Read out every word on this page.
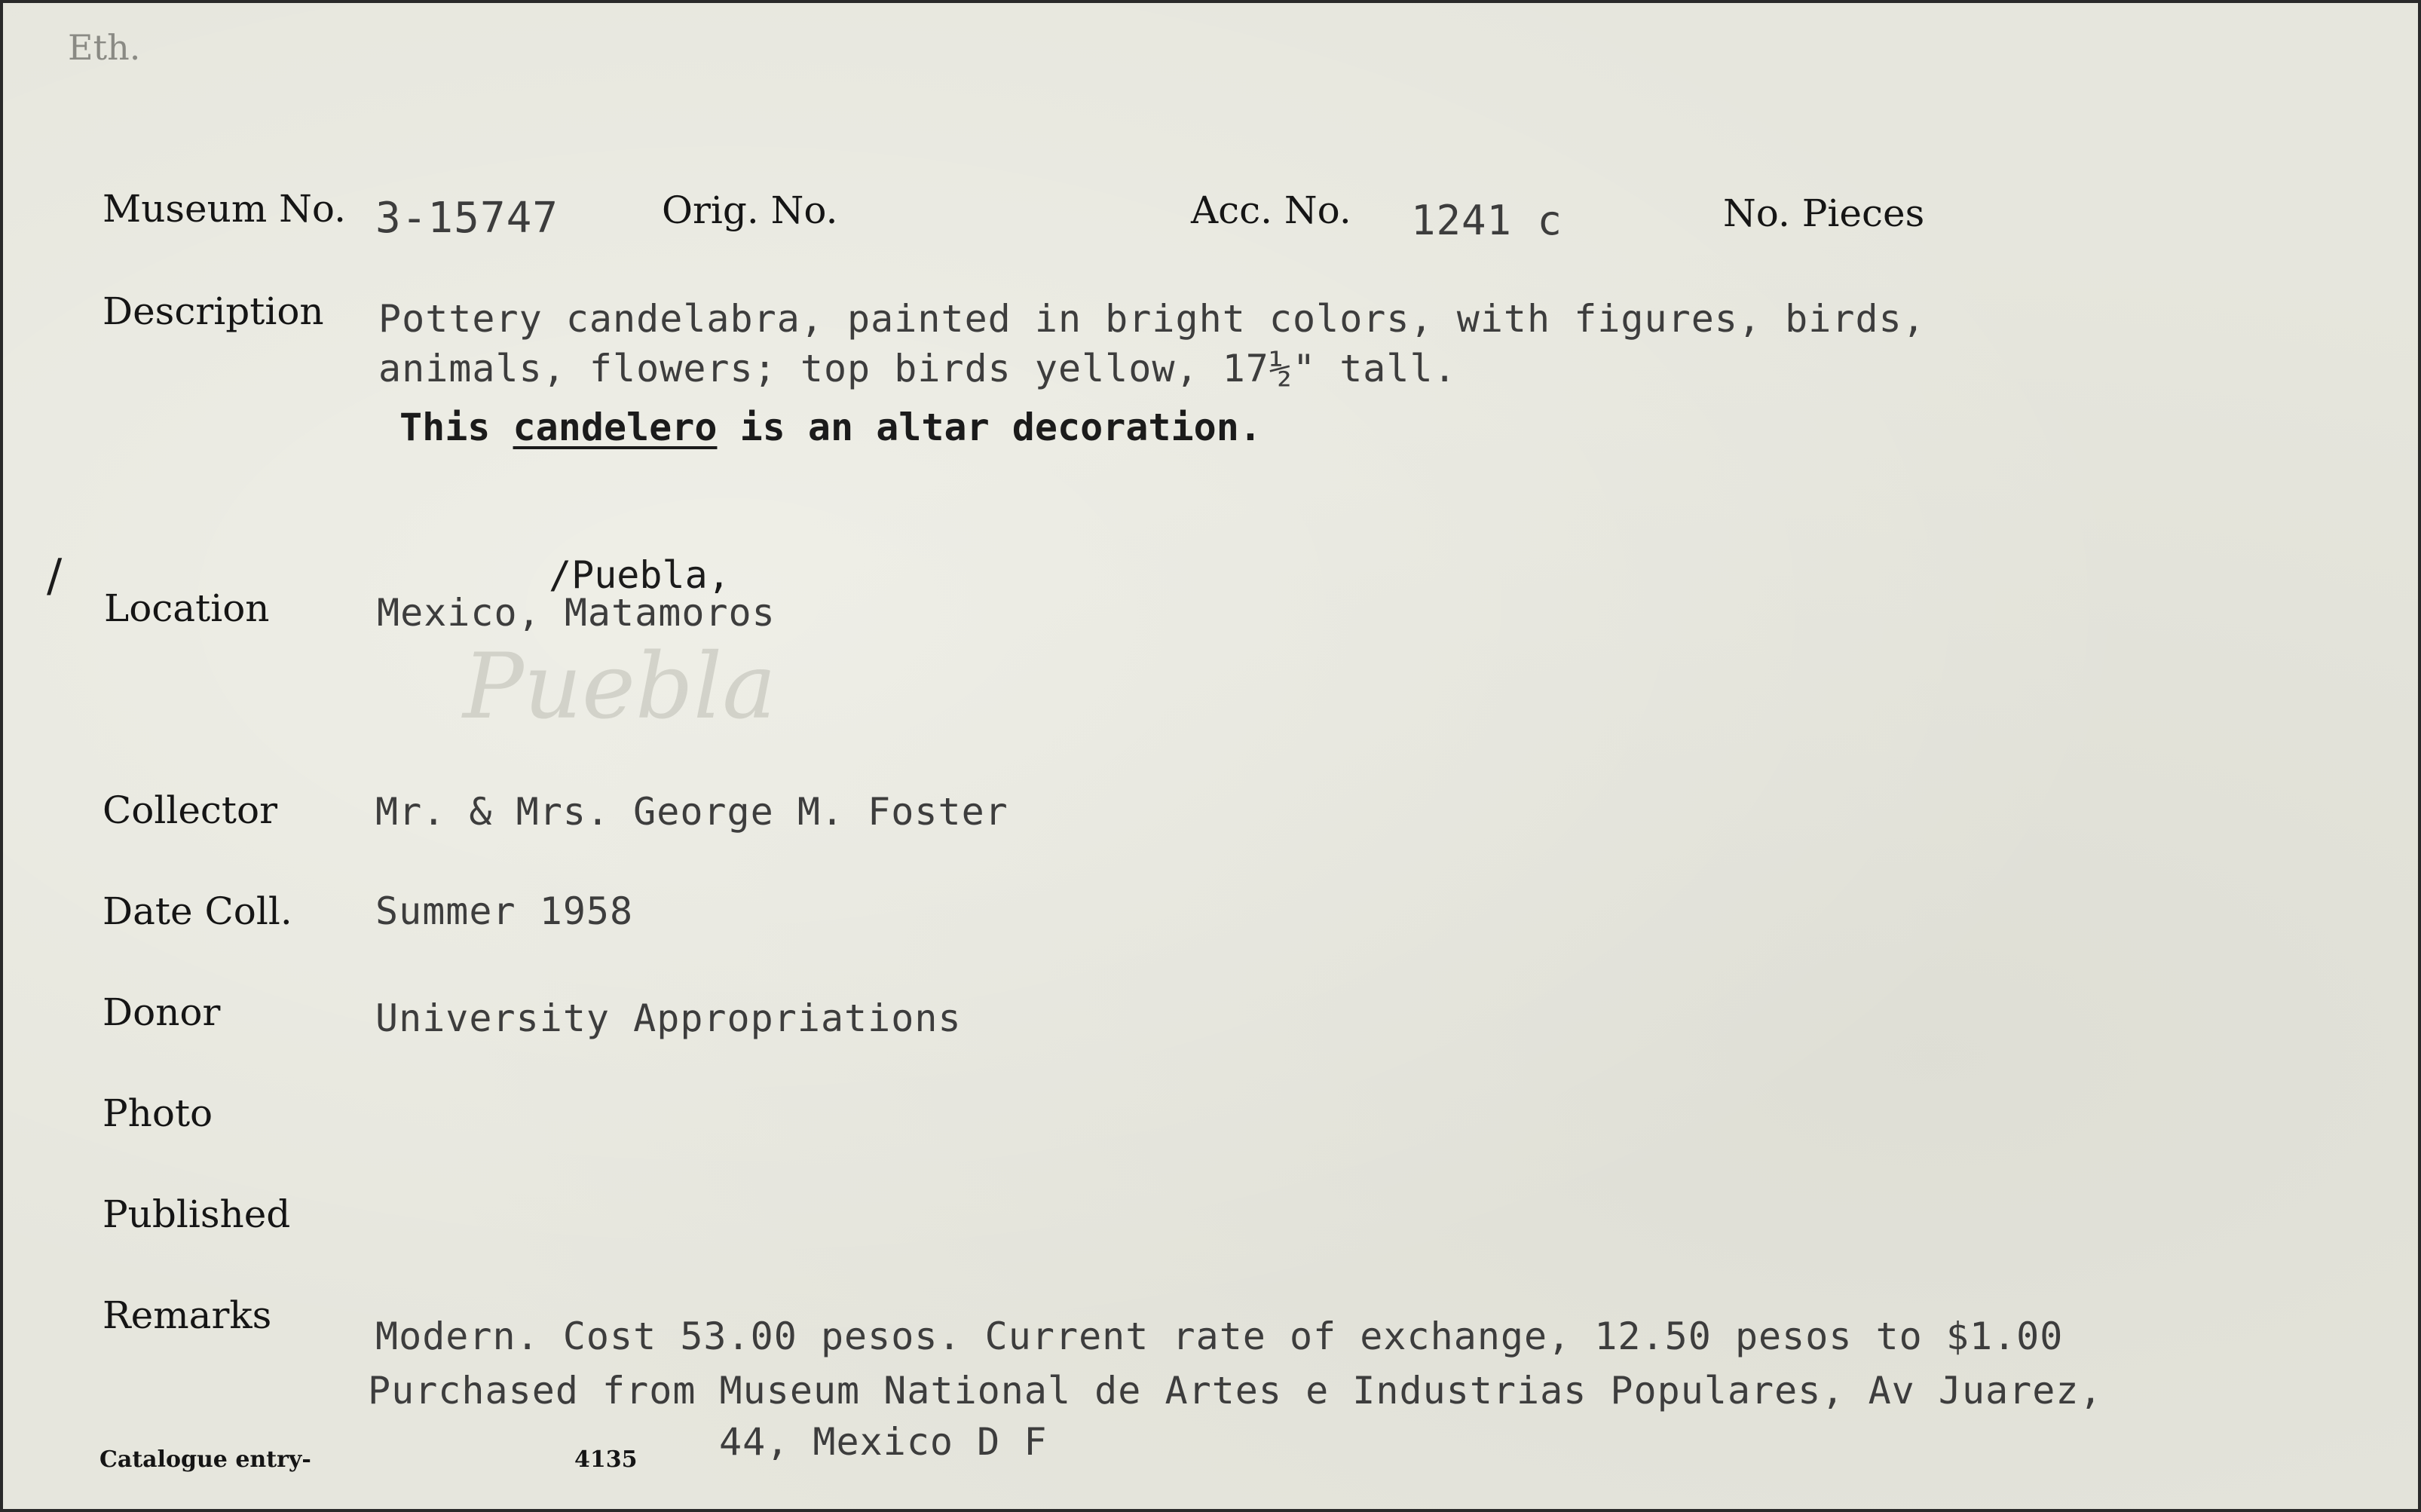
Eth.
Museum No. 3-15747	Orig. No.	Acc. No. 1241 c	No. Pieces
Description Pottery candelabra, painted in bright colors, with figures, birds,
animals, flowers; top birds yellow, 17½" tall.
This candelero is an altar decoration.
/
Location
/Puebla,
Mexico, Matamoros
Puebla
Collector	Mr. & Mrs. George M. Foster
Date Coll. Summer 1958
Donor	University Appropriations
Photo
Published
Remarks	Modern. Cost 53.00 pesos. Current rate of exchange, 12.50 pesos to $1.00
Purchased from Museum National de Artes e Industrias Populares, Av Juarez,
44, Mexico D F
Catalogue entry-	4135
